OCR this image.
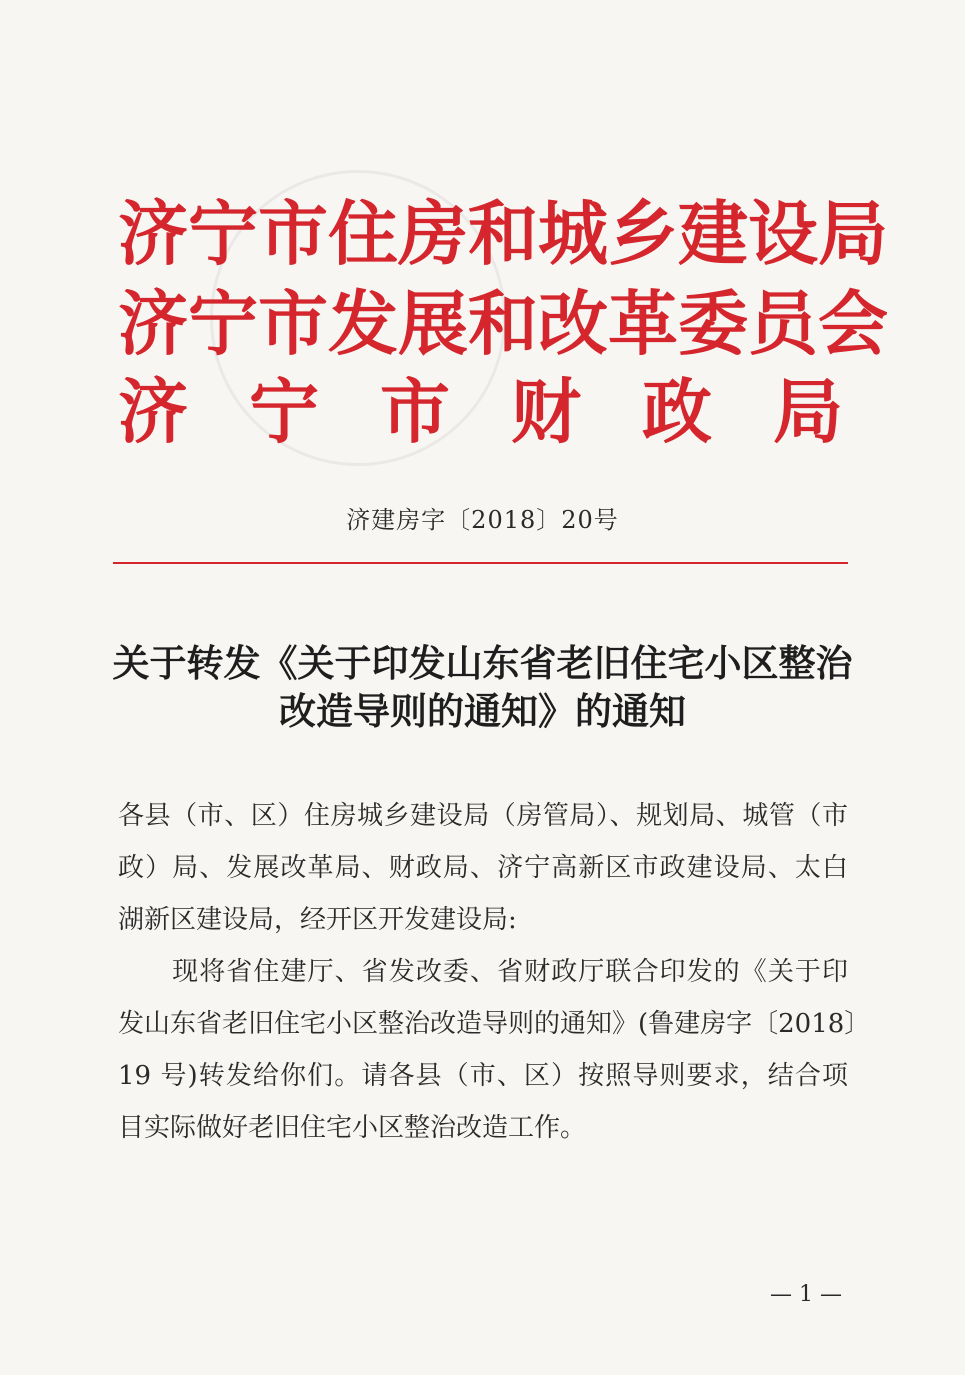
济 宁 市 住 房 和 城 乡 建 设 局
济 宁 市 发 展 和 改 革 委 员 会
济 宁 市 财 政 局
济建房字〔2018〕20号
关于转发《关于印发山东省老旧住宅小区整治
改造导则的通知》的通知
各县（市、区）住房城乡建设局（房管局）、规划局、城管（市
政）局、发展改革局、财政局、济宁高新区市政建设局、太白
湖新区建设局，经开区开发建设局:
　　现将省住建厅、省发改委、省财政厅联合印发的《关于印
发山东省老旧住宅小区整治改造导则的通知》(鲁建房字〔2018〕
19 号)转发给你们。请各县（市、区）按照导则要求，结合项
目实际做好老旧住宅小区整治改造工作。
— 1 —
